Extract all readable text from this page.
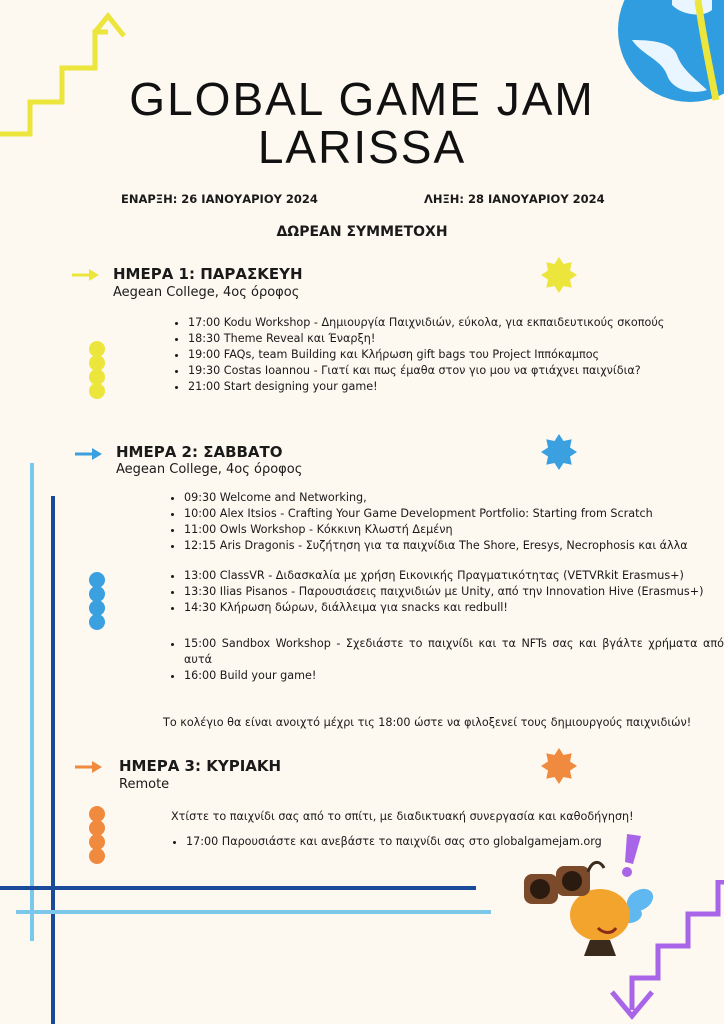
GLOBAL GAME JAM
LARISSA
ΕΝΑΡΞΗ: 26 ΙΑΝΟΥΑΡΙΟΥ 2024	ΛΗΞΗ: 28 ΙΑΝΟΥΑΡΙΟΥ 2024
ΔΩΡΕΑΝ ΣΥΜΜΕΤΟΧΗ
ΗΜΕΡΑ 1: ΠΑΡΑΣΚΕΥΗ
Aegean College, 4ος όροφος
• 17:00 Kodu Workshop - Δημιουργία Παιχνιδιών, εύκολα, για εκπαιδευτικούς σκοπούς
• 18:30 Theme Reveal και Έναρξη!
• 19:00 FAQs, team Building και Κλήρωση gift bags του Project Ιππόκαμπος
• 19:30 Costas Ioannou - Γιατί και πως έμαθα στον γιο μου να φτιάχνει παιχνίδια?
• 21:00 Start designing your game!
ΗΜΕΡΑ 2: ΣΑΒΒΑΤΟ
Aegean College, 4ος όροφος
• 09:30 Welcome and Networking,
• 10:00 Alex Itsios - Crafting Your Game Development Portfolio: Starting from Scratch
• 11:00 Owls Workshop - Κόκκινη Κλωστή Δεμένη
• 12:15 Aris Dragonis - Συζήτηση για τα παιχνίδια The Shore, Eresys, Necrophosis και άλλα
• 13:00 ClassVR - Διδασκαλία με χρήση Εικονικής Πραγματικότητας (VETVRkit Erasmus+)
• 13:30 Ilias Pisanos - Παρουσιάσεις παιχνιδιών με Unity, από την Innovation Hive (Erasmus+)
• 14:30 Κλήρωση δώρων, διάλλειμα για snacks και redbull!
• 15:00 Sandbox Workshop - Σχεδιάστε το παιχνίδι και τα NFTs σας και βγάλτε χρήματα από αυτά
• 16:00 Build your game!
Το κολέγιο θα είναι ανοιχτό μέχρι τις 18:00 ώστε να φιλοξενεί τους δημιουργούς παιχνιδιών!
ΗΜΕΡΑ 3: ΚΥΡΙΑΚΗ
Remote
Χτίστε το παιχνίδι σας από το σπίτι, με διαδικτυακή συνεργασία και καθοδήγηση!
• 17:00 Παρουσιάστε και ανεβάστε το παιχνίδι σας στο globalgamejam.org
